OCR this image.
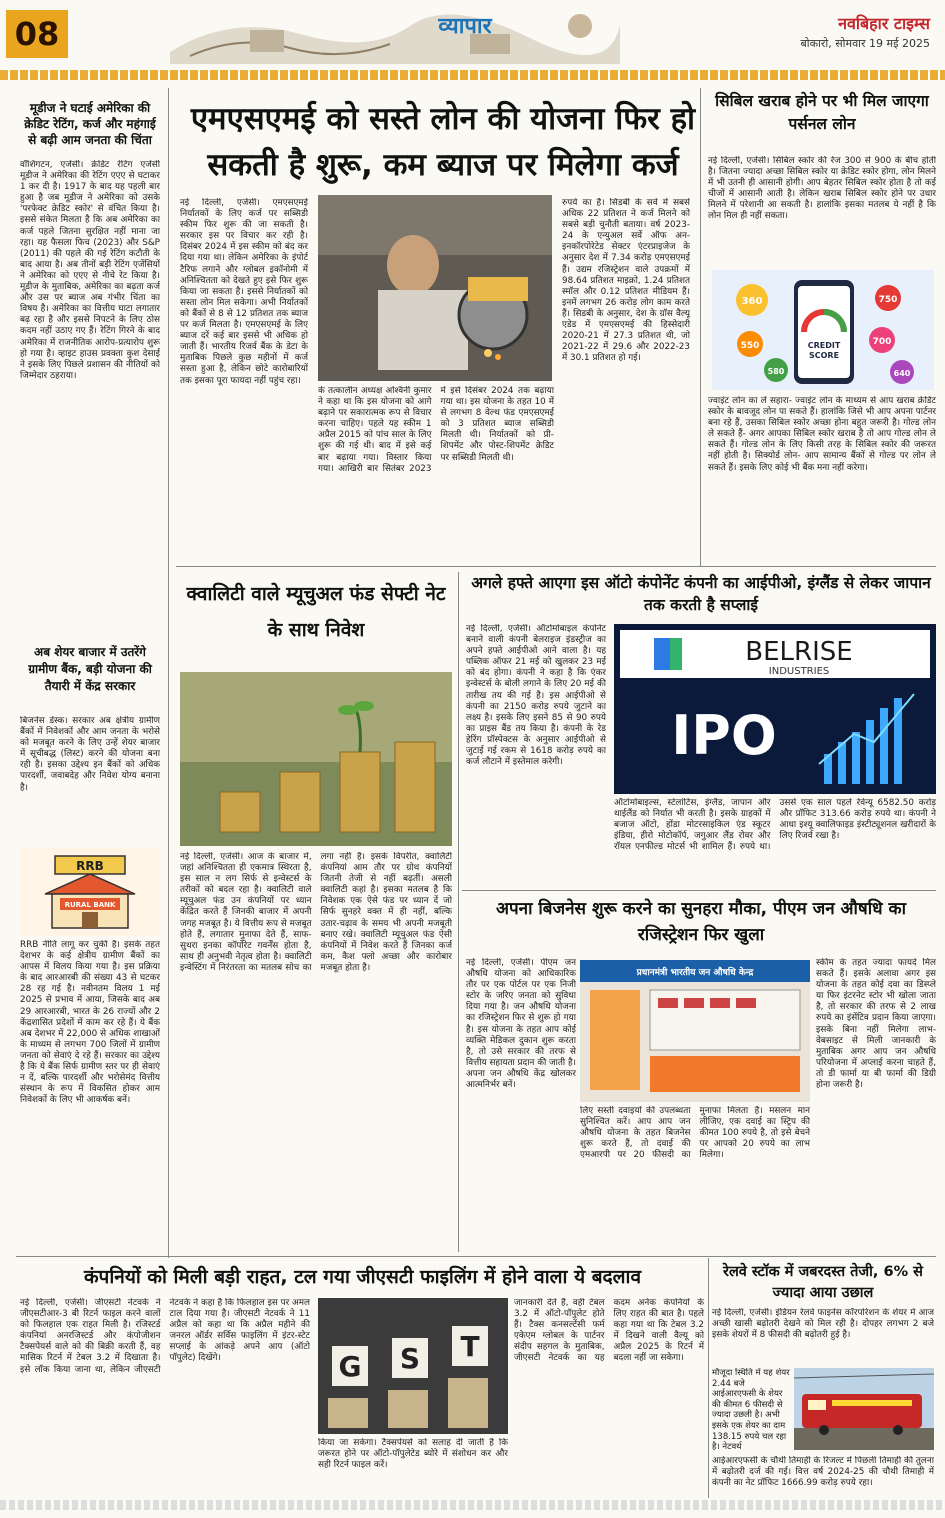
08	व्यापार	नवबिहार टाइम्स
बोकारो, सोमवार 19 मई 2025
मूडीज ने घटाई अमेरिका की क्रेडिट रेटिंग, कर्ज और महंगाई से बढ़ी आम जनता की चिंता
वॉशिंगटन, एजेंसी। क्रेडिट रेटिंग एजेंसी मूडीज ने अमेरिका की रेटिंग एएए से घटाकर 1 कर दी है। 1917 के बाद यह पहली बार हुआ है जब मूडीज ने अमेरिका को उसके 'परफेक्ट क्रेडिट स्कोर' से वंचित किया है। इससे संकेत मिलता है कि अब अमेरिका का कर्ज पहले जितना सुरक्षित नहीं माना जा रहा। यह फैसला फिच (2023) और S&P (2011) की पहले की गई रेटिंग कटौती के बाद आया है। अब तीनों बड़ी रेटिंग एजेंसियों ने अमेरिका को एएए से नीचे रेट किया है। मूडीज के मुताबिक, अमेरिका का बढ़ता कर्ज और उस पर ब्याज अब गंभीर चिंता का विषय है। अमेरिका का वित्तीय घाटा लगातार बढ़ रहा है और इससे निपटने के लिए ठोस कदम नहीं उठाए गए हैं। रेटिंग गिरने के बाद अमेरिका में राजनीतिक आरोप-प्रत्यारोप शुरू हो गया है। व्हाइट हाउस प्रवक्ता कुश देसाई ने इसके लिए पिछले प्रशासन की नीतियों को जिम्मेदार ठहराया।
अब शेयर बाजार में उतरेंगे ग्रामीण बैंक, बड़ी योजना की तैयारी में केंद्र सरकार
बिजनेस डेस्क। सरकार अब क्षेत्रीय ग्रामीण बैंकों में निवेशकों और आम जनता के भरोसे को मजबूत करने के लिए उन्हें शेयर बाजार में सूचीबद्ध (लिस्ट) करने की योजना बना रही है। इसका उद्देश्य इन बैंकों को अधिक पारदर्शी, जवाबदेह और निवेश योग्य बनाना है।
RRB
RURAL BANK
RRB नीति लागू कर चुकी है। इसके तहत देशभर के कई क्षेत्रीय ग्रामीण बैंकों का आपस में विलय किया गया है। इस प्रक्रिया के बाद आरआरबी की संख्या 43 से घटकर 28 रह गई है। नवीनतम विलय 1 मई 2025 से प्रभाव में आया, जिसके बाद अब 29 आरआरबी, भारत के 26 राज्यों और 2 केंद्रशासित प्रदेशों में काम कर रहे हैं। ये बैंक अब देशभर में 22,000 से अधिक शाखाओं के माध्यम से लगभग 700 जिलों में ग्रामीण जनता को सेवाएं दे रहे हैं। सरकार का उद्देश्य है कि ये बैंक सिर्फ ग्रामीण स्तर पर ही सेवाएं न दें, बल्कि पारदर्शी और भरोसेमंद वित्तीय संस्थान के रूप में विकसित होकर आम निवेशकों के लिए भी आकर्षक बनें।
एमएसएमई को सस्ते लोन की योजना फिर हो सकती है शुरू, कम ब्याज पर मिलेगा कर्ज
नई दिल्ली, एजेंसी। एमएसएमई निर्यातकों के लिए कर्ज पर सब्सिडी स्कीम फिर शुरू की जा सकती है। सरकार इस पर विचार कर रही है। दिसंबर 2024 में इस स्कीम को बंद कर दिया गया था। लेकिन अमेरिका के इंपोर्ट टैरिफ लगाने और ग्लोबल इकॉनोमी में अनिश्चितता को देखते हुए इसे फिर शुरू किया जा सकता है। इससे निर्यातकों को सस्ता लोन मिल सकेगा। अभी निर्यातकों को बैंकों से 8 से 12 प्रतिशत तक ब्याज पर कर्ज मिलता है। एमएसएमई के लिए ब्याज दरें कई बार इससे भी अधिक हो जाती हैं। भारतीय रिजर्व बैंक के डेटा के मुताबिक पिछले कुछ महीनों में कर्ज सस्ता हुआ है, लेकिन छोटे कारोबारियों तक इसका पूरा फायदा नहीं पहुंच रहा।
के तत्कालीन अध्यक्ष अश्विनी कुमार ने कहा था कि इस योजना को आगे बढ़ाने पर सकारात्मक रूप से विचार करना चाहिए। पहले यह स्कीम 1 अप्रैल 2015 को पांच साल के लिए शुरू की गई थी। बाद में इसे कई बार बढ़ाया गया। विस्तार किया गया। आखिरी बार सितंबर 2023 में इसे दिसंबर 2024 तक बढ़ाया गया था। इस योजना के तहत 10 में से लगभग 8 वेल्थ फंड एमएसएमई को 3 प्रतिशत ब्याज सब्सिडी मिलती थी। निर्यातकों को प्री-शिपमेंट और पोस्ट-शिपमेंट क्रेडिट पर सब्सिडी मिलती थी।
रुपये का है। सिडबी के सर्वे में सबसे अधिक 22 प्रतिशत ने कर्ज मिलने को सबसे बड़ी चुनौती बताया। वर्ष 2023-24 के एन्युअल सर्वे ऑफ अन-इनकॉरपोरेटेड सेक्टर एंटरप्राइजेज के अनुसार देश में 7.34 करोड़ एमएसएमई हैं। उद्यम रजिस्ट्रेशन वाले उपक्रमों में 98.64 प्रतिशत माइक्रो, 1.24 प्रतिशत स्मॉल और 0.12 प्रतिशत मीडियम हैं। इनमें लगभग 26 करोड़ लोग काम करते हैं। सिडबी के अनुसार, देश के ग्रॉस वैल्यू एडेड में एमएसएमई की हिस्सेदारी 2020-21 में 27.3 प्रतिशत थी, जो 2021-22 में 29.6 और 2022-23 में 30.1 प्रतिशत हो गई।
सिबिल खराब होने पर भी मिल जाएगा पर्सनल लोन
नई दिल्ली, एजेंसी। सिबिल स्कोर की रेंज 300 से 900 के बीच होती है। जितना ज्यादा अच्छा सिबिल स्कोर या क्रेडिट स्कोर होगा, लोन मिलने में भी उतनी ही आसानी होगी। आप बेहतर सिबिल स्कोर होता है तो कई चीजों में आसानी आती है। लेकिन खराब सिबिल स्कोर होने पर उधार मिलने में परेशानी आ सकती है। हालांकि इसका मतलब ये नहीं है कि लोन मिल ही नहीं सकता।
CREDIT
SCORE
360
550
750
580
700
640
ज्वाइंट लोन का लें सहारा- ज्वाइंट लोन के माध्यम से आप खराब क्रेडिट स्कोर के बावजूद लोन पा सकते हैं। हालांकि जिसे भी आप अपना पार्टनर बना रहे हैं, उसका सिबिल स्कोर अच्छा होना बहुत जरूरी है। गोल्ड लोन ले सकते हैं- अगर आपका सिबिल स्कोर खराब है तो आप गोल्ड लोन ले सकते हैं। गोल्ड लोन के लिए किसी तरह के सिबिल स्कोर की जरूरत नहीं होती है। सिक्योर्ड लोन- आप सामान्य बैंकों से गोल्ड पर लोन ले सकते हैं। इसके लिए कोई भी बैंक मना नहीं करेगा।
क्वालिटी वाले म्यूचुअल फंड सेफ्टी नेट के साथ निवेश
नई दिल्ली, एजेंसी। आज के बाजार में, जहां अनिश्चितता ही एकमात्र स्थिरता है, इस साल न लग सिर्फ से इन्वेस्टर्स के तरीकों को बदल रहा है। क्वालिटी वाले म्यूचुअल फंड उन कंपनियों पर ध्यान केंद्रित करते हैं जिनकी बाजार में अपनी जगह मजबूत है। ये वित्तीय रूप से मजबूत होते हैं, लगातार मुनाफा देते हैं, साफ-सुथरा इनका कॉर्पोरेट गवर्नेंस होता है, साथ ही अनुभवी नेतृत्व होता है। क्वालिटी इन्वेस्टिंग में निरंतरता का मतलब सोच का लगा नहीं है। इसके विपरीत, क्वालिटी कंपनियां आम तौर पर ग्रोथ कंपनियों जितनी तेजी से नहीं बढ़तीं। असली क्वालिटी कहां है। इसका मतलब है कि निवेशक एक ऐसे फंड पर ध्यान दें जो सिर्फ सुनहरे वक्त में ही नहीं, बल्कि उतार-चढ़ाव के समय भी अपनी मजबूती बनाए रखे। क्वालिटी म्यूचुअल फंड ऐसी कंपनियों में निवेश करते हैं जिनका कर्ज कम, कैश फ्लो अच्छा और कारोबार मजबूत होता है।
अगले हफ्ते आएगा इस ऑटो कंपोनेंट कंपनी का आईपीओ, इंग्लैंड से लेकर जापान तक करती है सप्लाई
नई दिल्ली, एजेंसी। ऑटोमोबाइल कंपोनेंट बनाने वाली कंपनी बेलराइज इंडस्ट्रीज का अपने हफ्ते आईपीओ आने वाला है। यह पब्लिक ऑफर 21 मई को खुलकर 23 मई को बंद होगा। कंपनी ने कहा है कि एंकर इन्वेस्टर्स के बोली लगाने के लिए 20 मई की तारीख तय की गई है। इस आईपीओ से कंपनी का 2150 करोड़ रुपये जुटाने का लक्ष्य है। इसके लिए इसने 85 से 90 रुपये का प्राइस बैंड तय किया है। कंपनी के रेड हेरिंग प्रॉस्पेक्टस के अनुसार आईपीओ से जुटाई गई रकम से 1618 करोड़ रुपये का कर्ज लौटाने में इस्तेमाल करेगी।
BELRISE
INDUSTRIES
IPO
ऑटोमोबाइल्स, स्टेलांटिस, इंग्लैंड, जापान और थाईलैंड को निर्यात भी करती है। इसके ग्राहकों में बजाज ऑटो, होंडा मोटरसाइकिल एंड स्कूटर इंडिया, हीरो मोटोकॉर्प, जगुआर लैंड रोवर और रॉयल एनफील्ड मोटर्स भी शामिल हैं। रुपये था। उससे एक साल पहले रेवेन्यू 6582.50 करोड़ और प्रॉफिट 313.66 करोड़ रुपये था। कंपनी ने आधा इश्यू क्वालिफाइड इंस्टीट्यूशनल खरीदारों के लिए रिजर्व रखा है।
अपना बिजनेस शुरू करने का सुनहरा मौका, पीएम जन औषधि का रजिस्ट्रेशन फिर खुला
नई दिल्ली, एजेंसी। पीएम जन औषधि योजना को आधिकारिक तौर पर एक पोर्टल पर एक निजी स्टोर के जरिए जनता को सुविधा दिया गया है। जन औषधि योजना का रजिस्ट्रेशन फिर से शुरू हो गया है। इस योजना के तहत आप कोई व्यक्ति मेडिकल दुकान शुरू करता है, तो उसे सरकार की तरफ से वित्तीय सहायता प्रदान की जाती है। अपना जन औषधि केंद्र खोलकर आत्मनिर्भर बनें।
प्रधानमंत्री भारतीय जन औषधि केन्द्र
लिए सस्ती दवाइयों की उपलब्धता सुनिश्चित करें। आप आप जन औषधि योजना के तहत बिजनेस शुरू करते हैं, तो दवाई की एमआरपी पर 20 फीसदी का मुनाफा मिलता है। मसलन मान लीजिए, एक दवाई का स्ट्रिप की कीमत 100 रुपये है, तो इसे बेचने पर आपको 20 रुपये का लाभ मिलेगा।
स्कीम के तहत ज्यादा फायदे मिल सकते हैं। इसके अलावा अगर इस योजना के तहत कोई दवा का डिस्प्ले या फिर इंटरनेट स्टोर भी खोला जाता है, तो सरकार की तरफ से 2 लाख रुपये का इंसेंटिव प्रदान किया जाएगा। इसके बिना नहीं मिलेगा लाभ- वेबसाइट से मिली जानकारी के मुताबिक अगर आप जन औषधि परियोजना में अप्लाई करना चाहते हैं, तो डी फार्मा या बी फार्मा की डिग्री होना जरूरी है।
कंपनियों को मिली बड़ी राहत, टल गया जीएसटी फाइलिंग में होने वाला ये बदलाव
नई दिल्ली, एजेंसी। जीएसटी नेटवर्क ने जीएसटीआर-3 बी रिटर्न फाइल करने वालों को फिलहाल एक राहत मिली है। रजिस्टर्ड कंपनियां अनरजिस्टर्ड और कंपोजीशन टैक्सपेयर्स वाले को की बिक्री करती हैं, वह मासिक रिटर्न में टेबल 3.2 में दिखाता है। इसे लॉक किया जाना था, लेकिन जीएसटी नेटवर्क ने कहा है कि फिलहाल इस पर अमल टाल दिया गया है। जीएसटी नेटवर्क ने 11 अप्रैल को कहा था कि अप्रैल महीने की जनरल ऑर्डर सर्विस फाइलिंग में इंटर-स्टेट सप्लाई के आंकड़े अपने आप (ऑटो पॉपुलेट) दिखेंगे।	G S T
किया जा सकेगा। टैक्सपेयर्स को सलाह दी जाती है कि जरूरत होने पर ऑटो-पॉपुलेटेड ब्योरे में संशोधन कर और सही रिटर्न फाइल करें।
जानकारी देते हैं, वही टेबल 3.2 में ऑटो-पॉपुलेट होते हैं। टैक्स कनसल्टेंसी फर्म एकेएम ग्लोबल के पार्टनर संदीप सहगल के मुताबिक, जीएसटी नेटवर्क का यह कदम अनेक कंपनियों के लिए राहत की बात है। पहले कहा गया था कि टेबल 3.2 में दिखने वाली वैल्यू को अप्रैल 2025 के रिटर्न में बदला नहीं जा सकेगा।
रेलवे स्टॉक में जबरदस्त तेजी, 6% से ज्यादा आया उछाल
नई दिल्ली, एजेंसी। इंडियन रेलवे फाइनेंस कॉरपोरेशन के शेयर में आज अच्छी खासी बढ़ोतरी देखने को मिल रही है। दोपहर लगभग 2 बजे इसके शेयरों में 8 फीसदी की बढ़ोतरी हुई है।
मौजूदा स्थिति में यह शेयर 2.44 बजे आईआरएफसी के शेयर की कीमत 6 फीसदी से ज्यादा उछली है। अभी इसके एक शेयर का दाम 138.15 रुपये चल रहा है। नेटवर्थ
आईआरएफसी के चौथी तिमाही के रिजल्ट में पिछली तिमाही की तुलना में बढ़ोतरी दर्ज की गई। वित्त वर्ष 2024-25 की चौथी तिमाही में कंपनी का नेट प्रॉफिट 1666.99 करोड़ रुपये रहा।
